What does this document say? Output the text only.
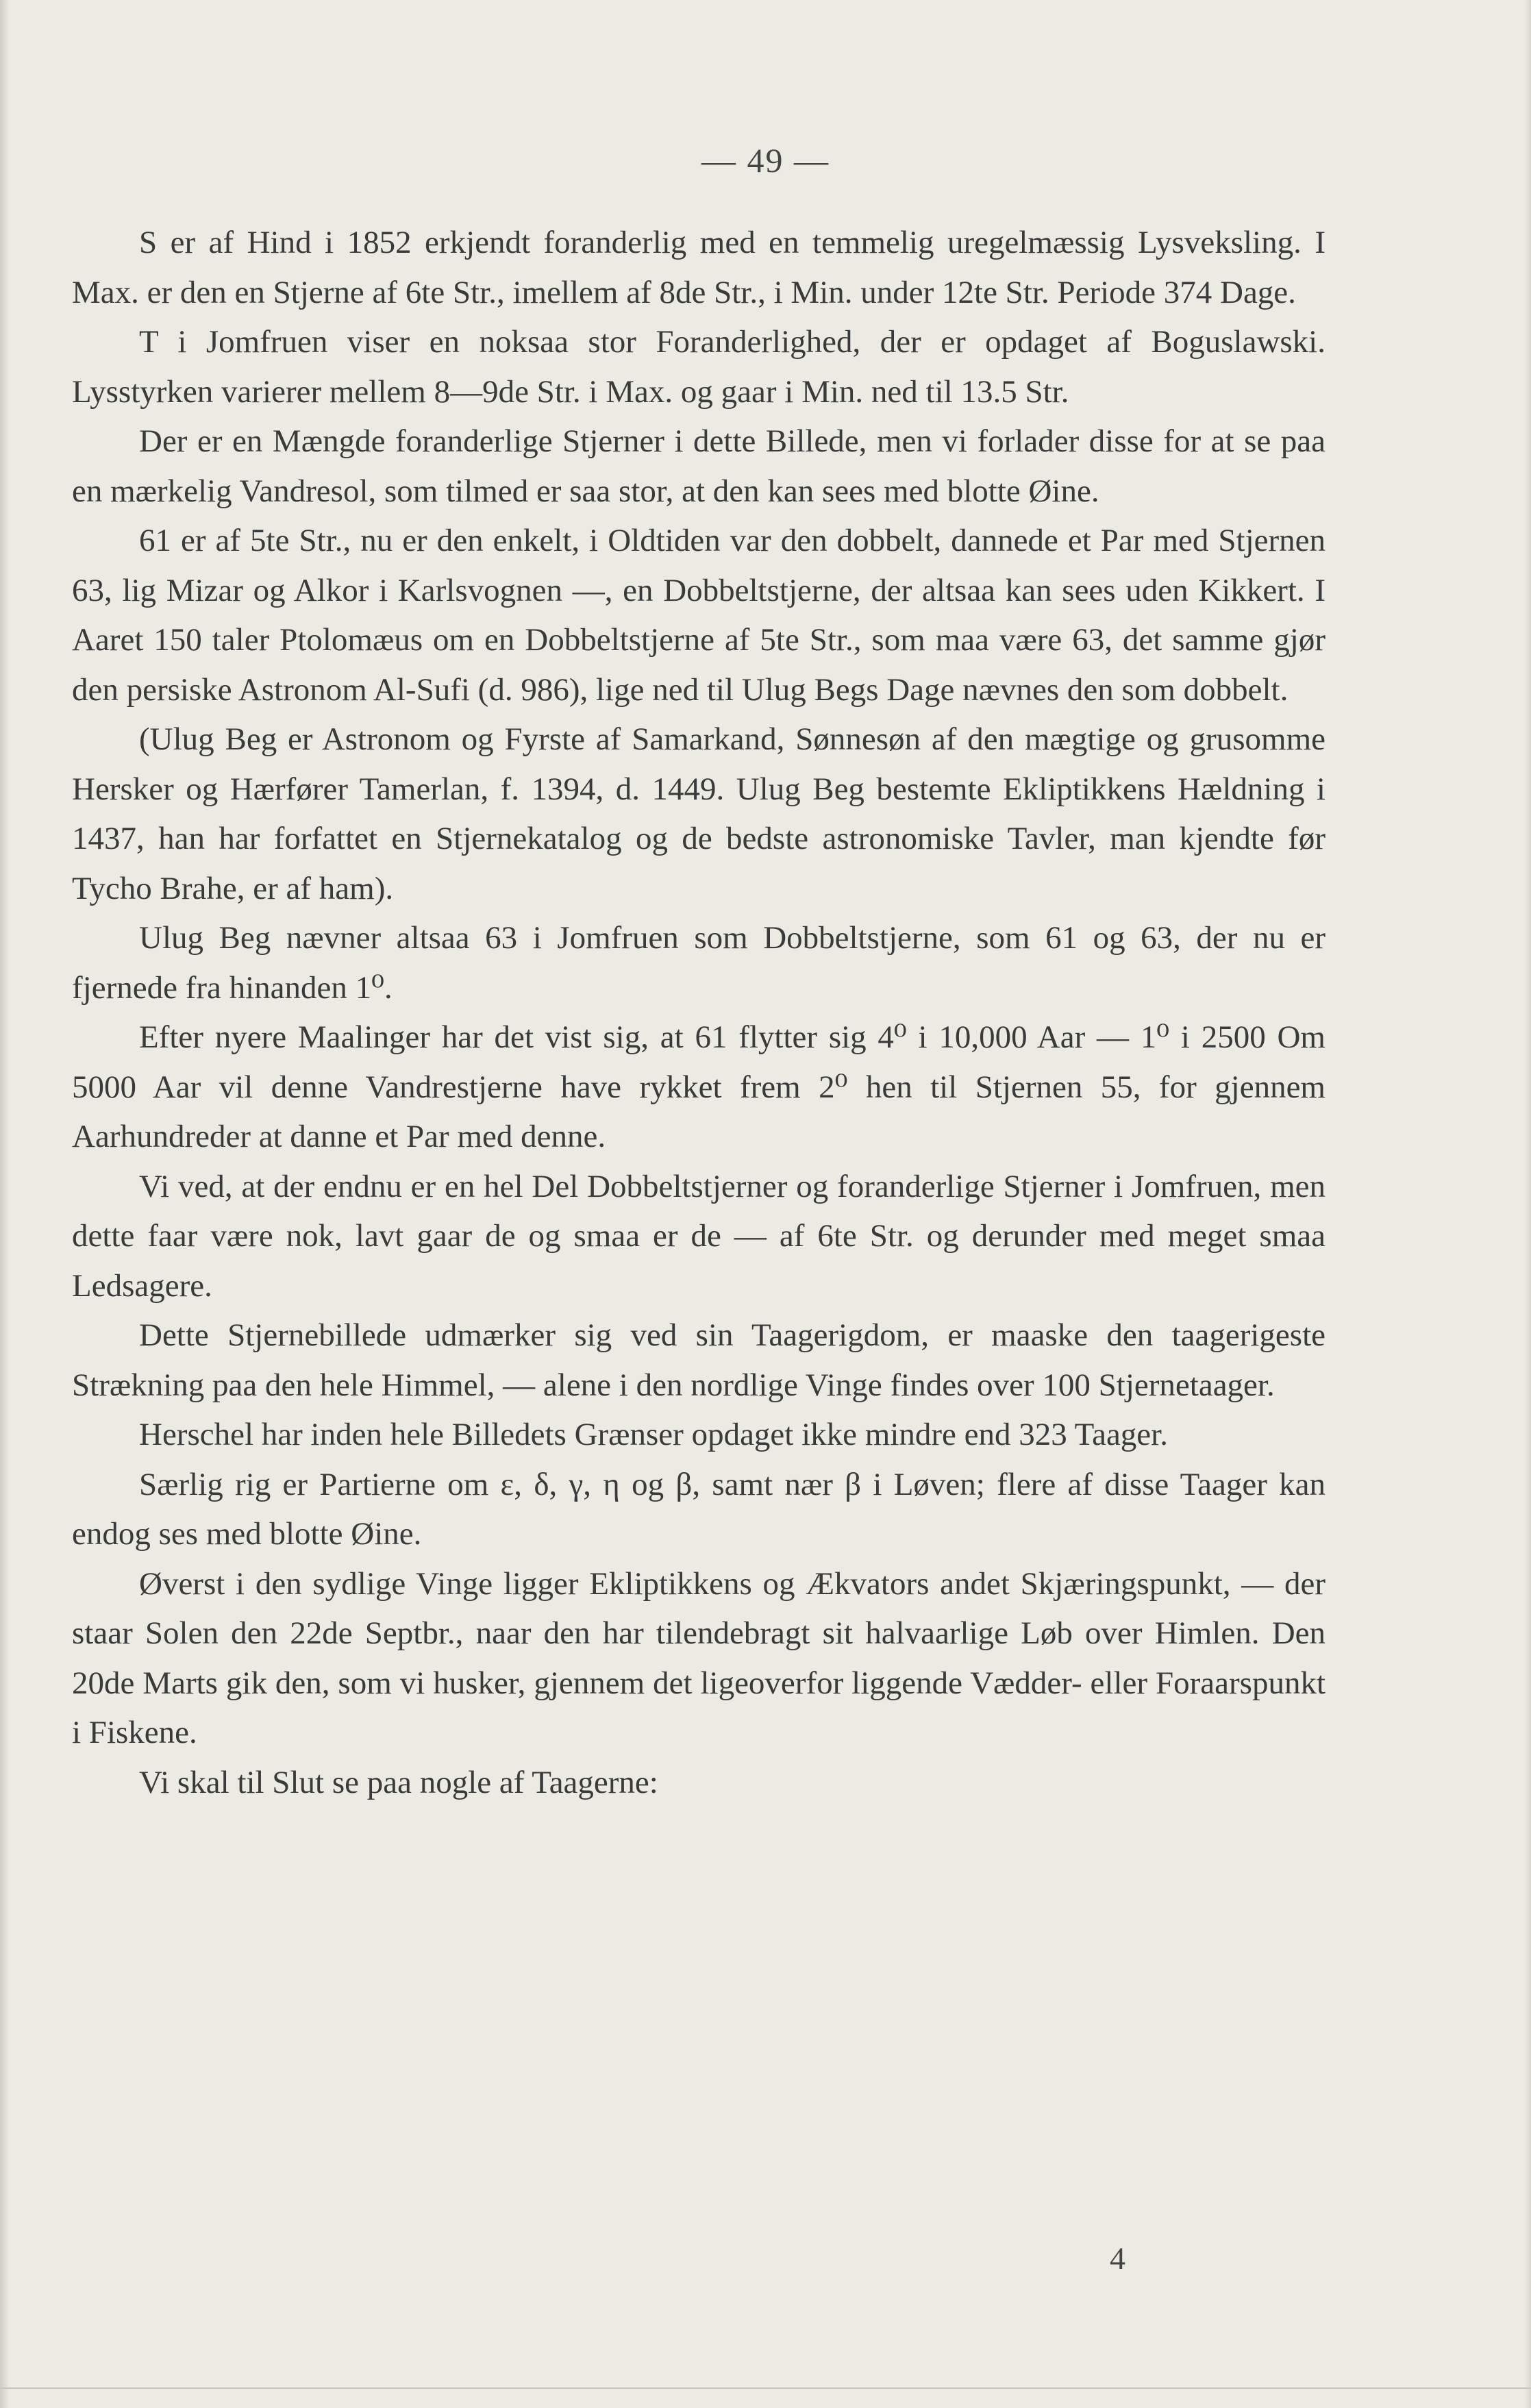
— 49 —

S er af Hind i 1852 erkjendt foranderlig med en temmelig uregelmæssig Lysveksling. I Max. er den en Stjerne af 6te Str., imellem af 8de Str., i Min. under 12te Str. Periode 374 Dage.

T i Jomfruen viser en noksaa stor Foranderlighed, der er opdaget af Boguslawski. Lysstyrken varierer mellem 8—9de Str. i Max. og gaar i Min. ned til 13.5 Str.

Der er en Mængde foranderlige Stjerner i dette Billede, men vi forlader disse for at se paa en mærkelig Vandresol, som tilmed er saa stor, at den kan sees med blotte Øine.

61 er af 5te Str., nu er den enkelt, i Oldtiden var den dobbelt, dannede et Par med Stjernen 63, lig Mizar og Alkor i Karlsvognen —, en Dobbeltstjerne, der altsaa kan sees uden Kikkert. I Aaret 150 taler Ptolomæus om en Dobbeltstjerne af 5te Str., som maa være 63, det samme gjør den persiske Astronom Al-Sufi (d. 986), lige ned til Ulug Begs Dage nævnes den som dobbelt.

(Ulug Beg er Astronom og Fyrste af Samarkand, Sønnesøn af den mægtige og grusomme Hersker og Hærfører Tamerlan, f. 1394, d. 1449. Ulug Beg bestemte Ekliptikkens Hældning i 1437, han har forfattet en Stjernekatalog og de bedste astronomiske Tavler, man kjendte før Tycho Brahe, er af ham).

Ulug Beg nævner altsaa 63 i Jomfruen som Dobbeltstjerne, som 61 og 63, der nu er fjernede fra hinanden 1⁰.

Efter nyere Maalinger har det vist sig, at 61 flytter sig 4⁰ i 10,000 Aar — 1⁰ i 2500 Om 5000 Aar vil denne Vandrestjerne have rykket frem 2⁰ hen til Stjernen 55, for gjennem Aarhundreder at danne et Par med denne.

Vi ved, at der endnu er en hel Del Dobbeltstjerner og foranderlige Stjerner i Jomfruen, men dette faar være nok, lavt gaar de og smaa er de — af 6te Str. og derunder med meget smaa Ledsagere.

Dette Stjernebillede udmærker sig ved sin Taagerigdom, er maaske den taagerigeste Strækning paa den hele Himmel, — alene i den nordlige Vinge findes over 100 Stjernetaager.

Herschel har inden hele Billedets Grænser opdaget ikke mindre end 323 Taager.

Særlig rig er Partierne om ε, δ, γ, η og β, samt nær β i Løven; flere af disse Taager kan endog ses med blotte Øine.

Øverst i den sydlige Vinge ligger Ekliptikkens og Ækvators andet Skjæringspunkt, — der staar Solen den 22de Septbr., naar den har tilendebragt sit halvaarlige Løb over Himlen. Den 20de Marts gik den, som vi husker, gjennem det ligeoverfor liggende Vædder- eller Foraarspunkt i Fiskene.

Vi skal til Slut se paa nogle af Taagerne:

4
